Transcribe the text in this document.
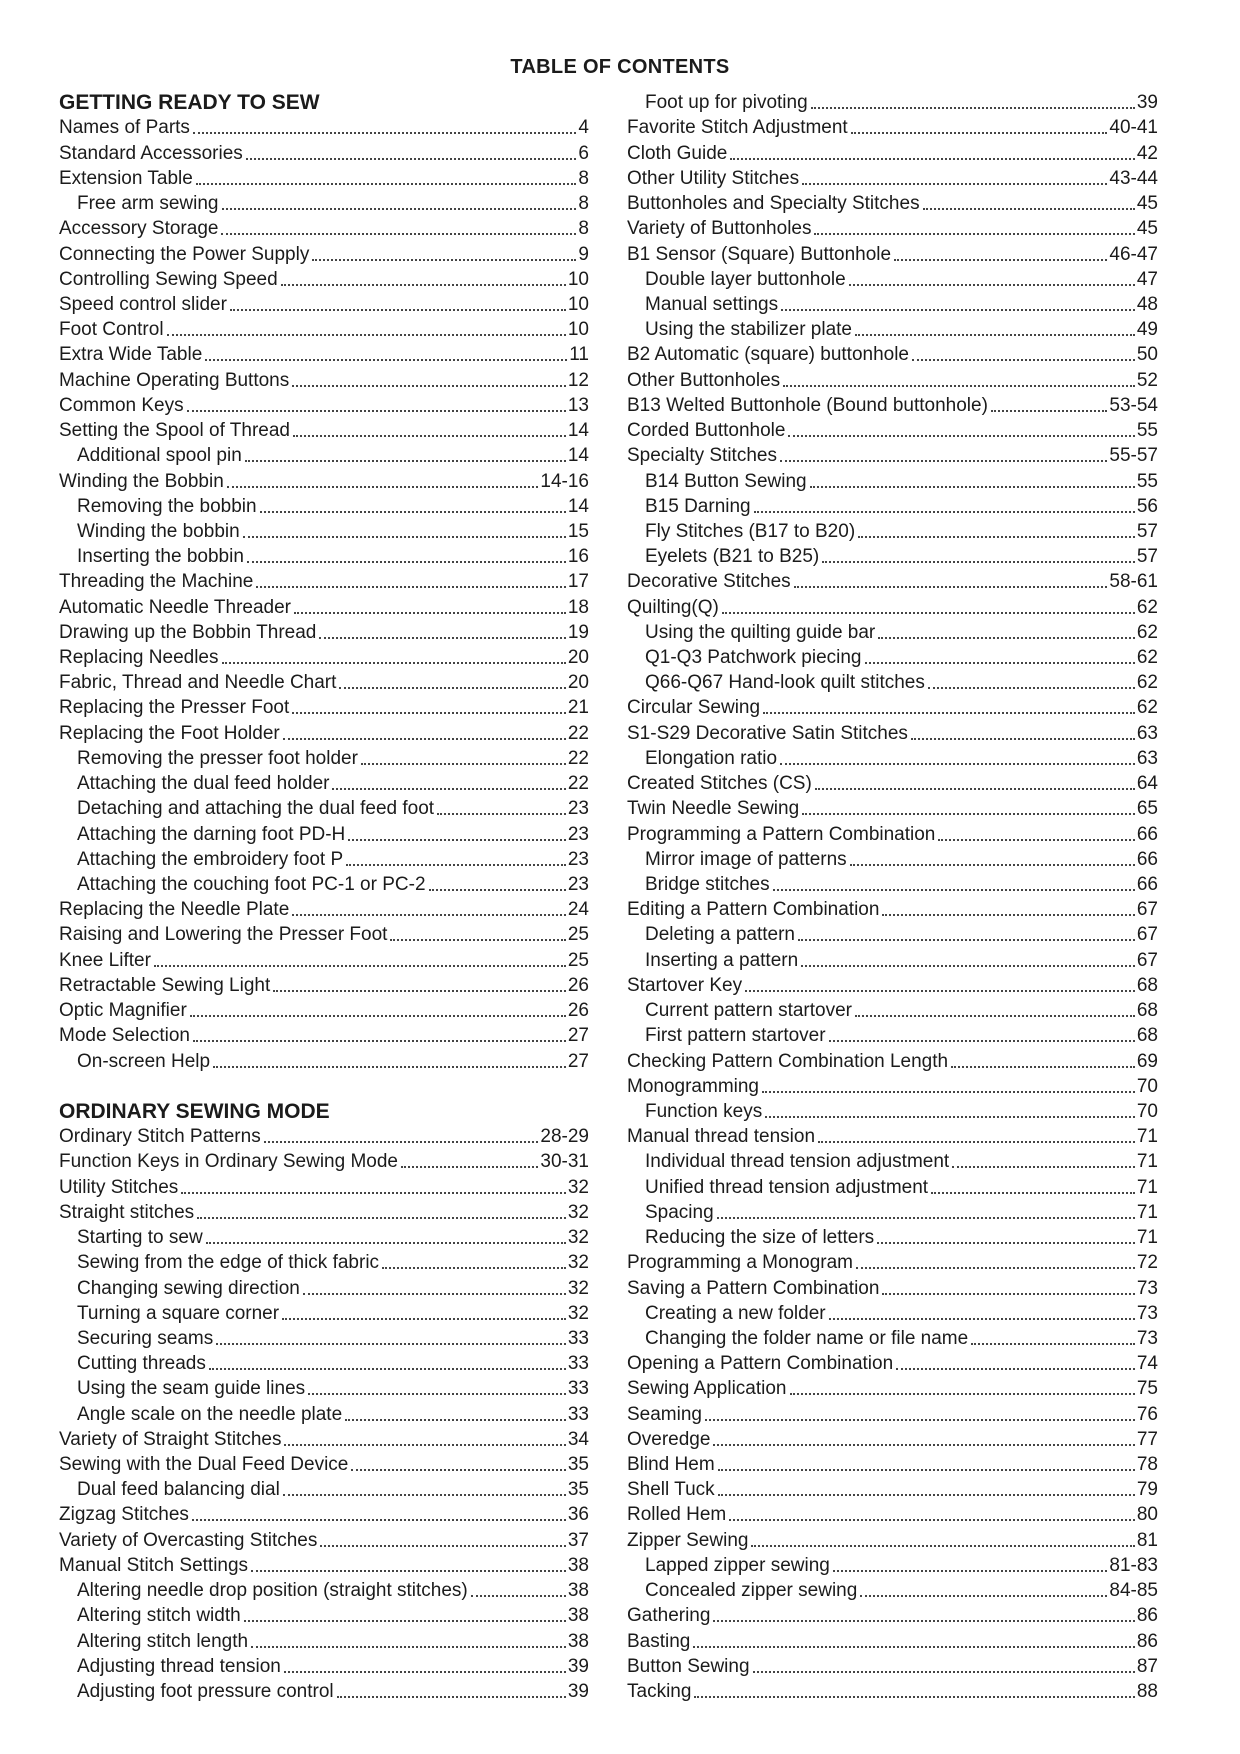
TABLE OF CONTENTS
GETTING READY TO SEW
Names of Parts	4
Standard Accessories	6
Extension Table	8
Free arm sewing	8
Accessory Storage	8
Connecting the Power Supply	9
Controlling Sewing Speed	10
Speed control slider	10
Foot Control	10
Extra Wide Table	11
Machine Operating Buttons	12
Common Keys	13
Setting the Spool of Thread	14
Additional spool pin	14
Winding the Bobbin	14-16
Removing the bobbin	14
Winding the bobbin	15
Inserting the bobbin	16
Threading the Machine	17
Automatic Needle Threader	18
Drawing up the Bobbin Thread	19
Replacing Needles	20
Fabric, Thread and Needle Chart	20
Replacing the Presser Foot	21
Replacing the Foot Holder	22
Removing the presser foot holder	22
Attaching the dual feed holder	22
Detaching and attaching the dual feed foot	23
Attaching the darning foot PD-H	23
Attaching the embroidery foot P	23
Attaching the couching foot PC-1 or PC-2	23
Replacing the Needle Plate	24
Raising and Lowering the Presser Foot	25
Knee Lifter	25
Retractable Sewing Light	26
Optic Magnifier	26
Mode Selection	27
On-screen Help	27
ORDINARY SEWING MODE
Ordinary Stitch Patterns	28-29
Function Keys in Ordinary Sewing Mode	30-31
Utility Stitches	32
Straight stitches	32
Starting to sew	32
Sewing from the edge of thick fabric	32
Changing sewing direction	32
Turning a square corner	32
Securing seams	33
Cutting threads	33
Using the seam guide lines	33
Angle scale on the needle plate	33
Variety of Straight Stitches	34
Sewing with the Dual Feed Device	35
Dual feed balancing dial	35
Zigzag Stitches	36
Variety of Overcasting Stitches	37
Manual Stitch Settings	38
Altering needle drop position (straight stitches)	38
Altering stitch width	38
Altering stitch length	38
Adjusting thread tension	39
Adjusting foot pressure control	39
Foot up for pivoting	39
Favorite Stitch Adjustment	40-41
Cloth Guide	42
Other Utility Stitches	43-44
Buttonholes and Specialty Stitches	45
Variety of Buttonholes	45
B1 Sensor (Square) Buttonhole	46-47
Double layer buttonhole	47
Manual settings	48
Using the stabilizer plate	49
B2 Automatic (square) buttonhole	50
Other Buttonholes	52
B13 Welted Buttonhole (Bound buttonhole)	53-54
Corded Buttonhole	55
Specialty Stitches	55-57
B14 Button Sewing	55
B15 Darning	56
Fly Stitches (B17 to B20)	57
Eyelets (B21 to B25)	57
Decorative Stitches	58-61
Quilting(Q)	62
Using the quilting guide bar	62
Q1-Q3 Patchwork piecing	62
Q66-Q67 Hand-look quilt stitches	62
Circular Sewing	62
S1-S29 Decorative Satin Stitches	63
Elongation ratio	63
Created Stitches (CS)	64
Twin Needle Sewing	65
Programming a Pattern Combination	66
Mirror image of patterns	66
Bridge stitches	66
Editing a Pattern Combination	67
Deleting a pattern	67
Inserting a pattern	67
Startover Key	68
Current pattern startover	68
First pattern startover	68
Checking Pattern Combination Length	69
Monogramming	70
Function keys	70
Manual thread tension	71
Individual thread tension adjustment	71
Unified thread tension adjustment	71
Spacing	71
Reducing the size of letters	71
Programming a Monogram	72
Saving a Pattern Combination	73
Creating a new folder	73
Changing the folder name or file name	73
Opening a Pattern Combination	74
Sewing Application	75
Seaming	76
Overedge	77
Blind Hem	78
Shell Tuck	79
Rolled Hem	80
Zipper Sewing	81
Lapped zipper sewing	81-83
Concealed zipper sewing	84-85
Gathering	86
Basting	86
Button Sewing	87
Tacking	88
